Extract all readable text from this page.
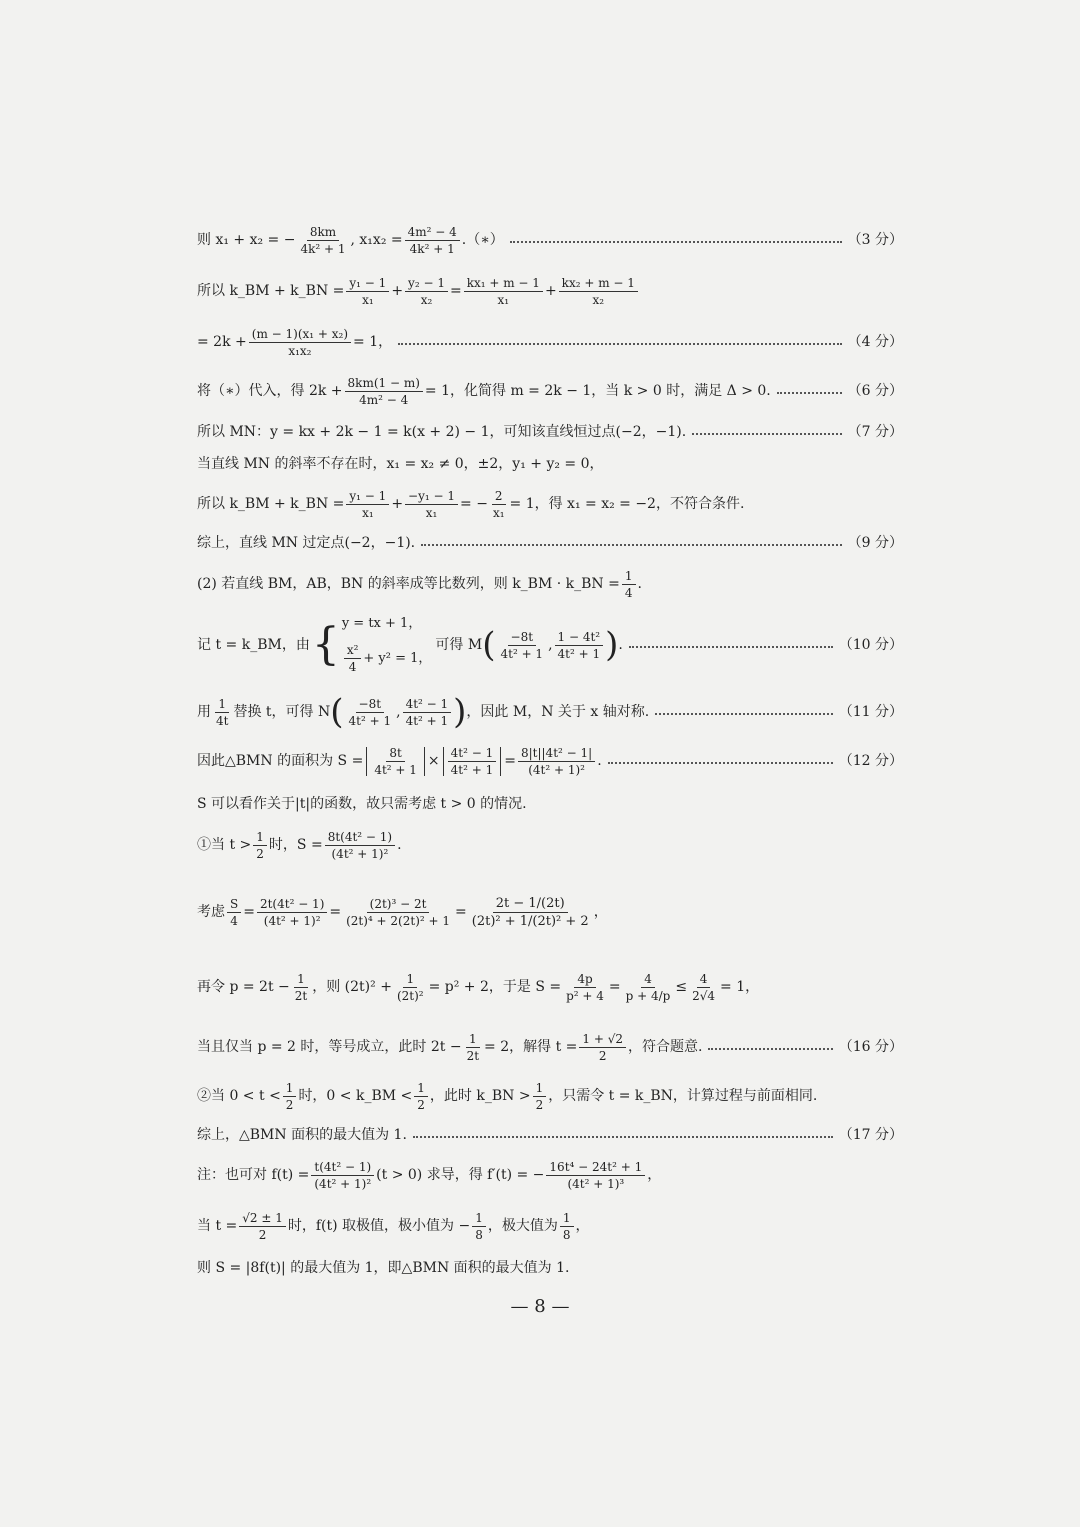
则 x₁ + x₂ = − $\frac{8km}{\text{4k² + 1}}$ , $x_1x_2 = \frac{\text{4m² − 4}}{\text{4k² + 1}}$ .（∗）	（3 分）
所以 k_BM + k_BN = $\frac{\text{y₁ − 1}}{\text{x₁}} + \frac{\text{y₂ − 1}}{\text{x₂}} = \frac{\text{kx₁ + m − 1}}{\text{x₁}} + \frac{\text{kx₂ + m − 1}}{\text{x₂}}$
= $2k + \frac{\text{(m − 1)(x₁ + x₂)}}{\text{x₁x₂}} = 1$，	（4 分）
将（∗）代入，得 $2k + \frac{8km(1 - m)}{\text{4m² − 4}} = 1$，化简得 m = 2k − 1，当 k > 0 时，满足 Δ > 0.	（6 分）
所以 MN：y = kx + 2k − 1 = k(x + 2) − 1，可知该直线恒过点(−2，−1).	（7 分）
当直线 MN 的斜率不存在时，x₁ = x₂ ≠ 0，±2，y₁ + y₂ = 0，
所以 k_BM + k_BN = $\frac{\text{y₁ − 1}}{\text{x₁}} + \frac{\text{−y₁ − 1}}{\text{x₁}}$ = − $\frac{2}{\text{x₁}} = 1$，得 x₁ = x₂ = −2，不符合条件.
综上，直线 MN 过定点(−2，−1).	（9 分）
(2) 若直线 BM，AB，BN 的斜率成等比数列，则 k_BM · k_BN = $\frac{1}{4}$ .
记 t = k_BM，由 { y = tx + 1，
$\frac{\text{x²}}{4} + y^2 = 1$，
可得 M ( $\frac{-8t}{\text{4t² + 1}}$ , $\frac{\text{1 − 4t²}}{\text{4t² + 1}}$ ) .	（10 分）
用 $\frac{1}{4t}$ 替换 t，可得 N ( $\frac{-8t}{\text{4t² + 1}}$ , $\frac{\text{4t² − 1}}{\text{4t² + 1}}$ ) ，因此 M，N 关于 x 轴对称.	（11 分）
因此△BMN 的面积为 $S = \frac{8t}{\text{4t² + 1}} \times \frac{\text{4t² − 1}}{\text{4t² + 1}} = \frac{\text{8|t||4t² − 1|}}{\text{(4t² + 1)²}}$ .	（12 分）
S 可以看作关于|t|的函数，故只需考虑 t > 0 的情况.
①当 $t > \frac{1}{2}$ 时，$S = \frac{\text{8t(4t² − 1)}}{\text{(4t² + 1)²}}$ .
考虑 $\frac{S}{4} = \frac{\text{2t(4t² − 1)}}{\text{(4t² + 1)²}} = \frac{\text{(2t)³ − 2t}}{\text{(2t)⁴ + 2(2t)² + 1}} = \frac{2t - 1/(2t)}{\text{(2t)² + 1/(2t)² + 2}}$ ，
再令 $p = 2t - \frac{1}{2t}$ ，则 $(2t)^2 + \frac{1}{\text{(2t)²}} = p^2 + 2$，于是 $S = \frac{4p}{\text{p² + 4}} = \frac{4}{p + 4/p} \le \frac{4}{2√4} = 1$，
当且仅当 p = 2 时，等号成立，此时 $2t - \frac{1}{2t} = 2$，解得 $t = \frac{1 + √2}{2}$ ，符合题意.	（16 分）
②当 $0 < t < \frac{1}{2}$ 时，0 < k_BM < $\frac{1}{2}$ ，此时 k_BN > $\frac{1}{2}$ ，只需令 t = k_BN，计算过程与前面相同.
综上，△BMN 面积的最大值为 1.	（17 分）
注：也可对 $f(t) = \frac{\text{t(4t² − 1)}}{\text{(4t² + 1)²}} (t > 0)$ 求导，得 f′(t) = − $\frac{\text{16t⁴ − 24t² + 1}}{\text{(4t² + 1)³}}$ ，
当 $t = \frac{√2 \pm 1}{2}$ 时，f(t) 取极值，极小值为 − $\frac{1}{8}$ ，极大值为 $\frac{1}{8}$ ，
则 S = |8f(t)| 的最大值为 1，即△BMN 面积的最大值为 1.
— 8 —
